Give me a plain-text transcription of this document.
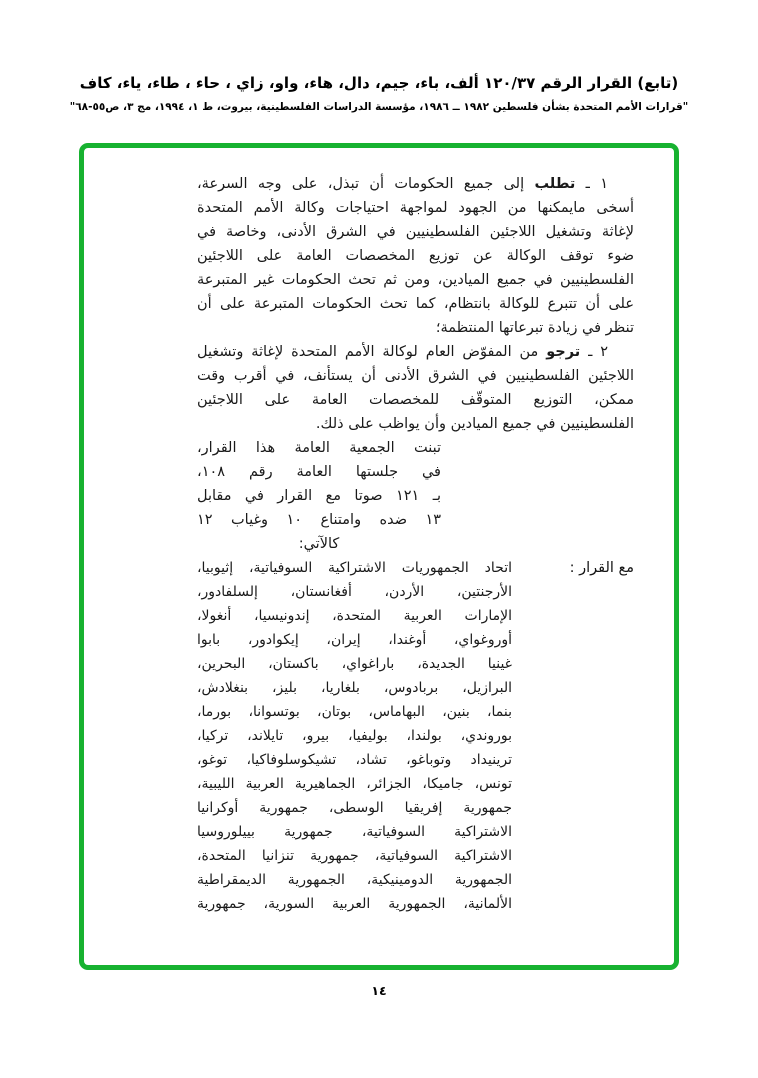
(تابع) القرار الرقم ١٢٠/٣٧ ألف، باء، جيم، دال، هاء، واو، زاي ، حاء ، طاء، ياء، كاف
"قرارات الأمم المتحدة بشأن فلسطين ١٩٨٢ ــ ١٩٨٦، مؤسسة الدراسات الفلسطينية، بيروت، ط ١، ١٩٩٤، مج ٣، ص٥٥-٦٨"
١ ـ تطلب إلى جميع الحكومات أن تبذل، على وجه السرعة،
أسخى مايمكنها من الجهود لمواجهة احتياجات وكالة الأمم المتحدة
لإغاثة وتشغيل اللاجئين الفلسطينيين في الشرق الأدنى، وخاصة في
ضوء توقف الوكالة عن توزيع المخصصات العامة على اللاجئين
الفلسطينيين في جميع الميادين، ومن ثم تحث الحكومات غير المتبرعة
على أن تتبرع للوكالة بانتظام، كما تحث الحكومات المتبرعة على أن
تنظر في زيادة تبرعاتها المنتظمة؛
٢ ـ ترجو من المفوّض العام لوكالة الأمم المتحدة لإغاثة وتشغيل
اللاجئين الفلسطينيين في الشرق الأدنى أن يستأنف، في أقرب وقت
ممكن، التوزيع المتوقّف للمخصصات العامة على اللاجئين
الفلسطينيين في جميع الميادين وأن يواظب على ذلك.
تبنت الجمعية العامة هذا القرار،
في جلستها العامة رقم ١٠٨،
بـ ١٢١ صوتا مع القرار في مقابل
١٣ ضده وامتناع ١٠ وغياب ١٢
كالآتي:
مع القرار :
اتحاد الجمهوريات الاشتراكية السوفياتية، إثيوبيا،
الأرجنتين، الأردن، أفغانستان، إلسلفادور،
الإمارات العربية المتحدة، إندونيسيا، أنغولا،
أوروغواي، أوغندا، إيران، إيكوادور، بابوا
غينيا الجديدة، باراغواي، باكستان، البحرين،
البرازيل، بربادوس، بلغاريا، بليز، بنغلادش،
بنما، بنين، البهاماس، بوتان، بوتسوانا، بورما،
بوروندي، بولندا، بوليفيا، بيرو، تايلاند، تركيا،
ترينيداد وتوباغو، تشاد، تشيكوسلوفاكيا، توغو،
تونس، جاميكا، الجزائر، الجماهيرية العربية الليبية،
جمهورية إفريقيا الوسطى، جمهورية أوكرانيا
الاشتراكية السوفياتية، جمهورية بييلوروسيا
الاشتراكية السوفياتية، جمهورية تنزانيا المتحدة،
الجمهورية الدومينيكية، الجمهورية الديمقراطية
الألمانية، الجمهورية العربية السورية، جمهورية
١٤
